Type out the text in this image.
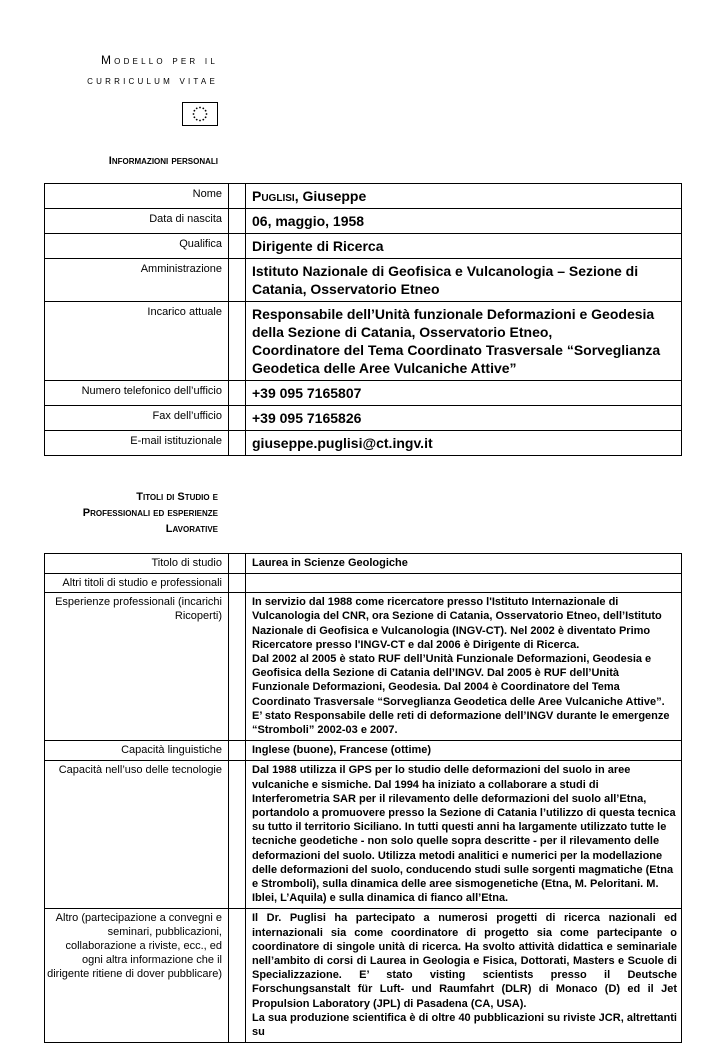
Modello per il
curriculum vitae
Informazioni personali
Nome		Puglisi, Giuseppe
Data di nascita		06, maggio, 1958
Qualifica		Dirigente di Ricerca
Amministrazione		Istituto Nazionale di Geofisica e Vulcanologia – Sezione di Catania, Osservatorio Etneo
Incarico attuale		Responsabile dell’Unità funzionale Deformazioni e Geodesia della Sezione di Catania, Osservatorio Etneo,
Coordinatore del Tema Coordinato Trasversale “Sorveglianza Geodetica delle Aree Vulcaniche Attive”

Numero telefonico dell’ufficio		+39 095 7165807
Fax dell’ufficio		+39 095 7165826
E-mail istituzionale		giuseppe.puglisi@ct.ingv.it
Titoli di Studio e
Professionali ed esperienze
Lavorative
Titolo di studio		Laurea in Scienze Geologiche
Altri titoli di studio e professionali		
Esperienze professionali (incarichi Ricoperti)		In servizio dal 1988 come ricercatore presso l'Istituto Internazionale di Vulcanologia del CNR, ora Sezione di Catania, Osservatorio Etneo, dell’Istituto Nazionale di Geofisica e Vulcanologia (INGV-CT). Nel 2002 è diventato Primo Ricercatore presso l'INGV-CT e dal 2006 è Dirigente di Ricerca.
Dal 2002 al 2005 è stato RUF dell’Unità Funzionale Deformazioni, Geodesia e Geofisica della Sezione di Catania dell’INGV. Dal 2005 è RUF dell’Unità Funzionale Deformazioni, Geodesia. Dal 2004 è Coordinatore del Tema Coordinato Trasversale “Sorveglianza Geodetica delle Aree Vulcaniche Attive”. E’ stato Responsabile delle reti di deformazione dell’INGV durante le emergenze “Stromboli” 2002-03 e 2007.

Capacità linguistiche		Inglese (buone), Francese (ottime)
Capacità nell’uso delle tecnologie		Dal 1988 utilizza il GPS per lo studio delle deformazioni del suolo in aree vulcaniche e sismiche. Dal 1994 ha iniziato a collaborare a studi di Interferometria SAR per il rilevamento delle deformazioni del suolo all’Etna, portandolo a promuovere presso la Sezione di Catania l’utilizzo di questa tecnica su tutto il territorio Siciliano. In tutti questi anni ha largamente utilizzato tutte le tecniche geodetiche - non solo quelle sopra descritte - per il rilevamento delle deformazioni del suolo. Utilizza metodi analitici e numerici per la modellazione delle deformazioni del suolo, conducendo studi sulle sorgenti magmatiche (Etna e Stromboli), sulla dinamica delle aree sismogenetiche (Etna, M. Peloritani. M. Iblei, L’Aquila) e sulla dinamica di fianco all’Etna.
Altro (partecipazione a convegni e seminari, pubblicazioni, collaborazione a riviste, ecc., ed ogni altra informazione che il dirigente ritiene di dover pubblicare)		Il Dr. Puglisi ha partecipato a numerosi progetti di ricerca nazionali ed internazionali sia come coordinatore di progetto sia come partecipante o coordinatore di singole unità di ricerca. Ha svolto attività didattica e seminariale nell’ambito di corsi di Laurea in Geologia e Fisica, Dottorati, Masters e Scuole di Specializzazione. E’ stato visting scientists presso il Deutsche Forschungsanstalt für Luft- und Raumfahrt (DLR) di Monaco (D) ed il Jet Propulsion Laboratory (JPL) di Pasadena (CA, USA).
La sua produzione scientifica è di oltre 40 pubblicazioni su riviste JCR, altrettanti su
